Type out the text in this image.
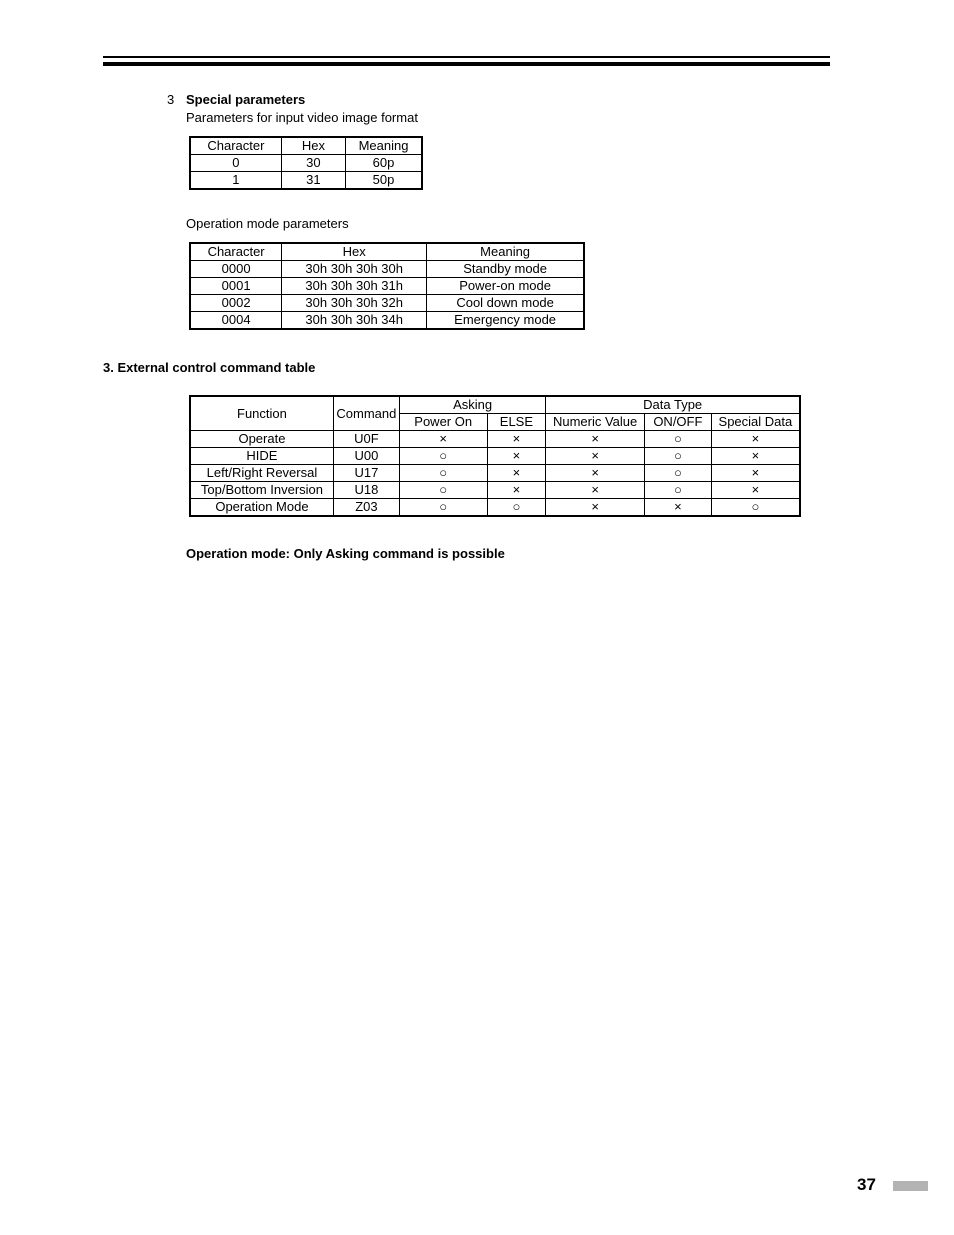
3 Special parameters
Parameters for input video image format
Character	Hex	Meaning
0	30	60p
1	31	50p
Operation mode parameters
Character	Hex	Meaning
0000	30h 30h 30h 30h	Standby mode
0001	30h 30h 30h 31h	Power-on mode
0002	30h 30h 30h 32h	Cool down mode
0004	30h 30h 30h 34h	Emergency mode
3. External control command table
Function	Command	Asking		Data Type		
		Power On	ELSE	Numeric Value	ON/OFF	Special Data
Operate	U0F	×	×	×	○	×
HIDE	U00	○	×	×	○	×
Left/Right Reversal	U17	○	×	×	○	×
Top/Bottom Inversion	U18	○	×	×	○	×
Operation Mode	Z03	○	○	×	×	○
Operation mode: Only Asking command is possible
37
